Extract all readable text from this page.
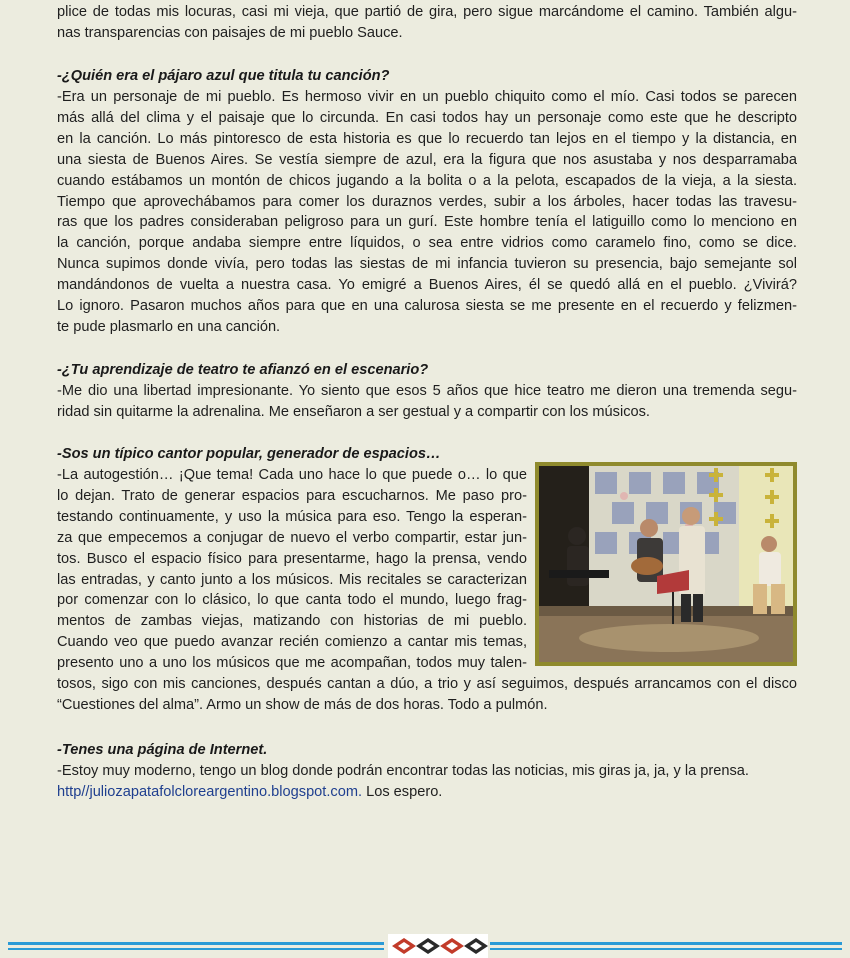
plice de todas mis locuras, casi mi vieja, que partió de gira, pero sigue marcándome el camino. También algu-
nas transparencias con paisajes de mi pueblo Sauce.

-¿Quién era el pájaro azul que titula tu canción?

-Era un personaje de mi pueblo. Es hermoso vivir en un pueblo chiquito como el mío. Casi todos se parecen
más allá del clima y el paisaje que lo circunda. En casi todos hay un personaje como este que he descripto
en la canción. Lo más pintoresco de esta historia es que lo recuerdo tan lejos en el tiempo y la distancia, en
una siesta de Buenos Aires. Se vestía siempre de azul, era la figura que nos asustaba y nos desparramaba
cuando estábamos un montón de chicos jugando a la bolita o a la pelota, escapados de la vieja, a la siesta.
Tiempo que aprovechábamos para comer los duraznos verdes, subir a los árboles, hacer todas las travesu-
ras que los padres consideraban peligroso para un gurí. Este hombre tenía el latiguillo como lo menciono en
la canción, porque andaba siempre entre líquidos, o sea entre vidrios como caramelo fino, como se dice.
Nunca supimos donde vivía, pero todas las siestas de mi infancia tuvieron su presencia, bajo semejante sol
mandándonos de vuelta a nuestra casa. Yo emigré a Buenos Aires, él se quedó allá en el pueblo. ¿Vivirá?
Lo ignoro. Pasaron muchos años para que en una calurosa siesta se me presente en el recuerdo y felizmen-
te pude plasmarlo en una canción.

-¿Tu aprendizaje de teatro te afianzó en el escenario?

-Me dio una libertad impresionante. Yo siento que esos 5 años que hice teatro me dieron una tremenda segu-
ridad sin quitarme la adrenalina. Me enseñaron a ser gestual y a compartir con los músicos.

-Sos un típico cantor popular, generador de espacios…

-La autogestión… ¡Que tema! Cada uno hace lo que puede o… lo que
lo dejan. Trato de generar espacios para escucharnos. Me paso pro-
testando continuamente, y uso la música para eso. Tengo la esperan-
za que empecemos a conjugar de nuevo el verbo compartir, estar jun-
tos. Busco el espacio físico para presentarme, hago la prensa, vendo
las entradas, y canto junto a los músicos. Mis recitales se caracterizan
por comenzar con lo clásico, lo que canta todo el mundo, luego frag-
mentos de zambas viejas, matizando con historias de mi pueblo.
Cuando veo que puedo avanzar recién comienzo a cantar mis temas,
presento uno a uno los músicos que me acompañan, todos muy talen-
tosos, sigo con mis canciones, después cantan a dúo, a trio y así seguimos, después arrancamos con el disco
“Cuestiones del alma”. Armo un show de más de dos horas. Todo a pulmón.

-Tenes una página de Internet.

-Estoy muy moderno, tengo un blog donde podrán encontrar todas las noticias, mis giras ja, ja, y la prensa.
http//juliozapatafolcloreargentino.blogspot.com. Los espero.
